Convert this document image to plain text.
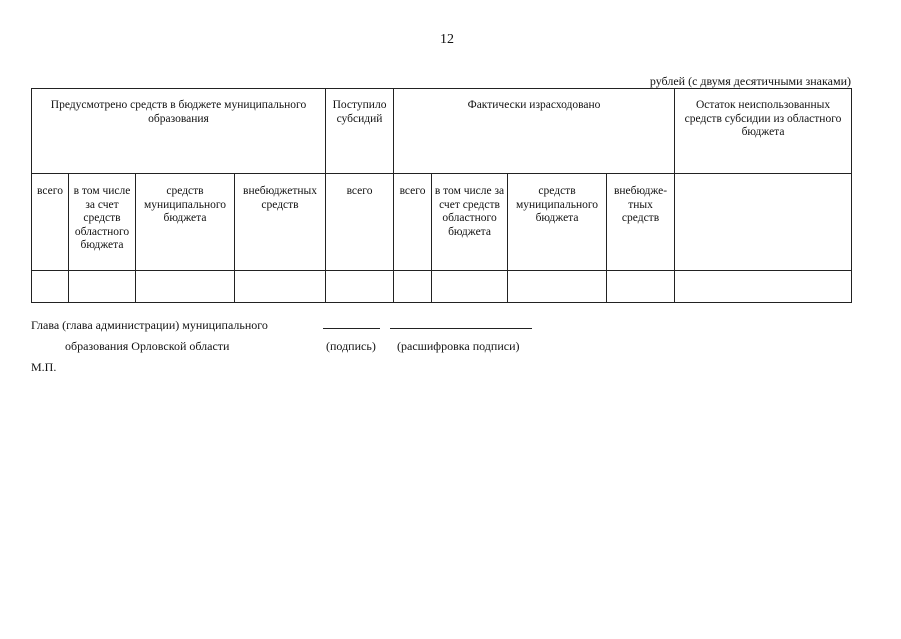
12
рублей (с двумя десятичными знаками)
Предусмотрено средств в бюджете муниципального образования				Поступило субсидий	Фактически израсходовано				Остаток неиспользованных средств субсидии из областного бюджета
всего	в том числе за счет средств областного бюджета	средств муниципального бюджета	внебюджетных средств	всего	всего	в том числе за счет средств областного бюджета	средств муниципального бюджета	внебюдже-тных средств	

Глава (глава администрации) муниципального
образования Орловской области	(подпись) (расшифровка подписи)
М.П.
